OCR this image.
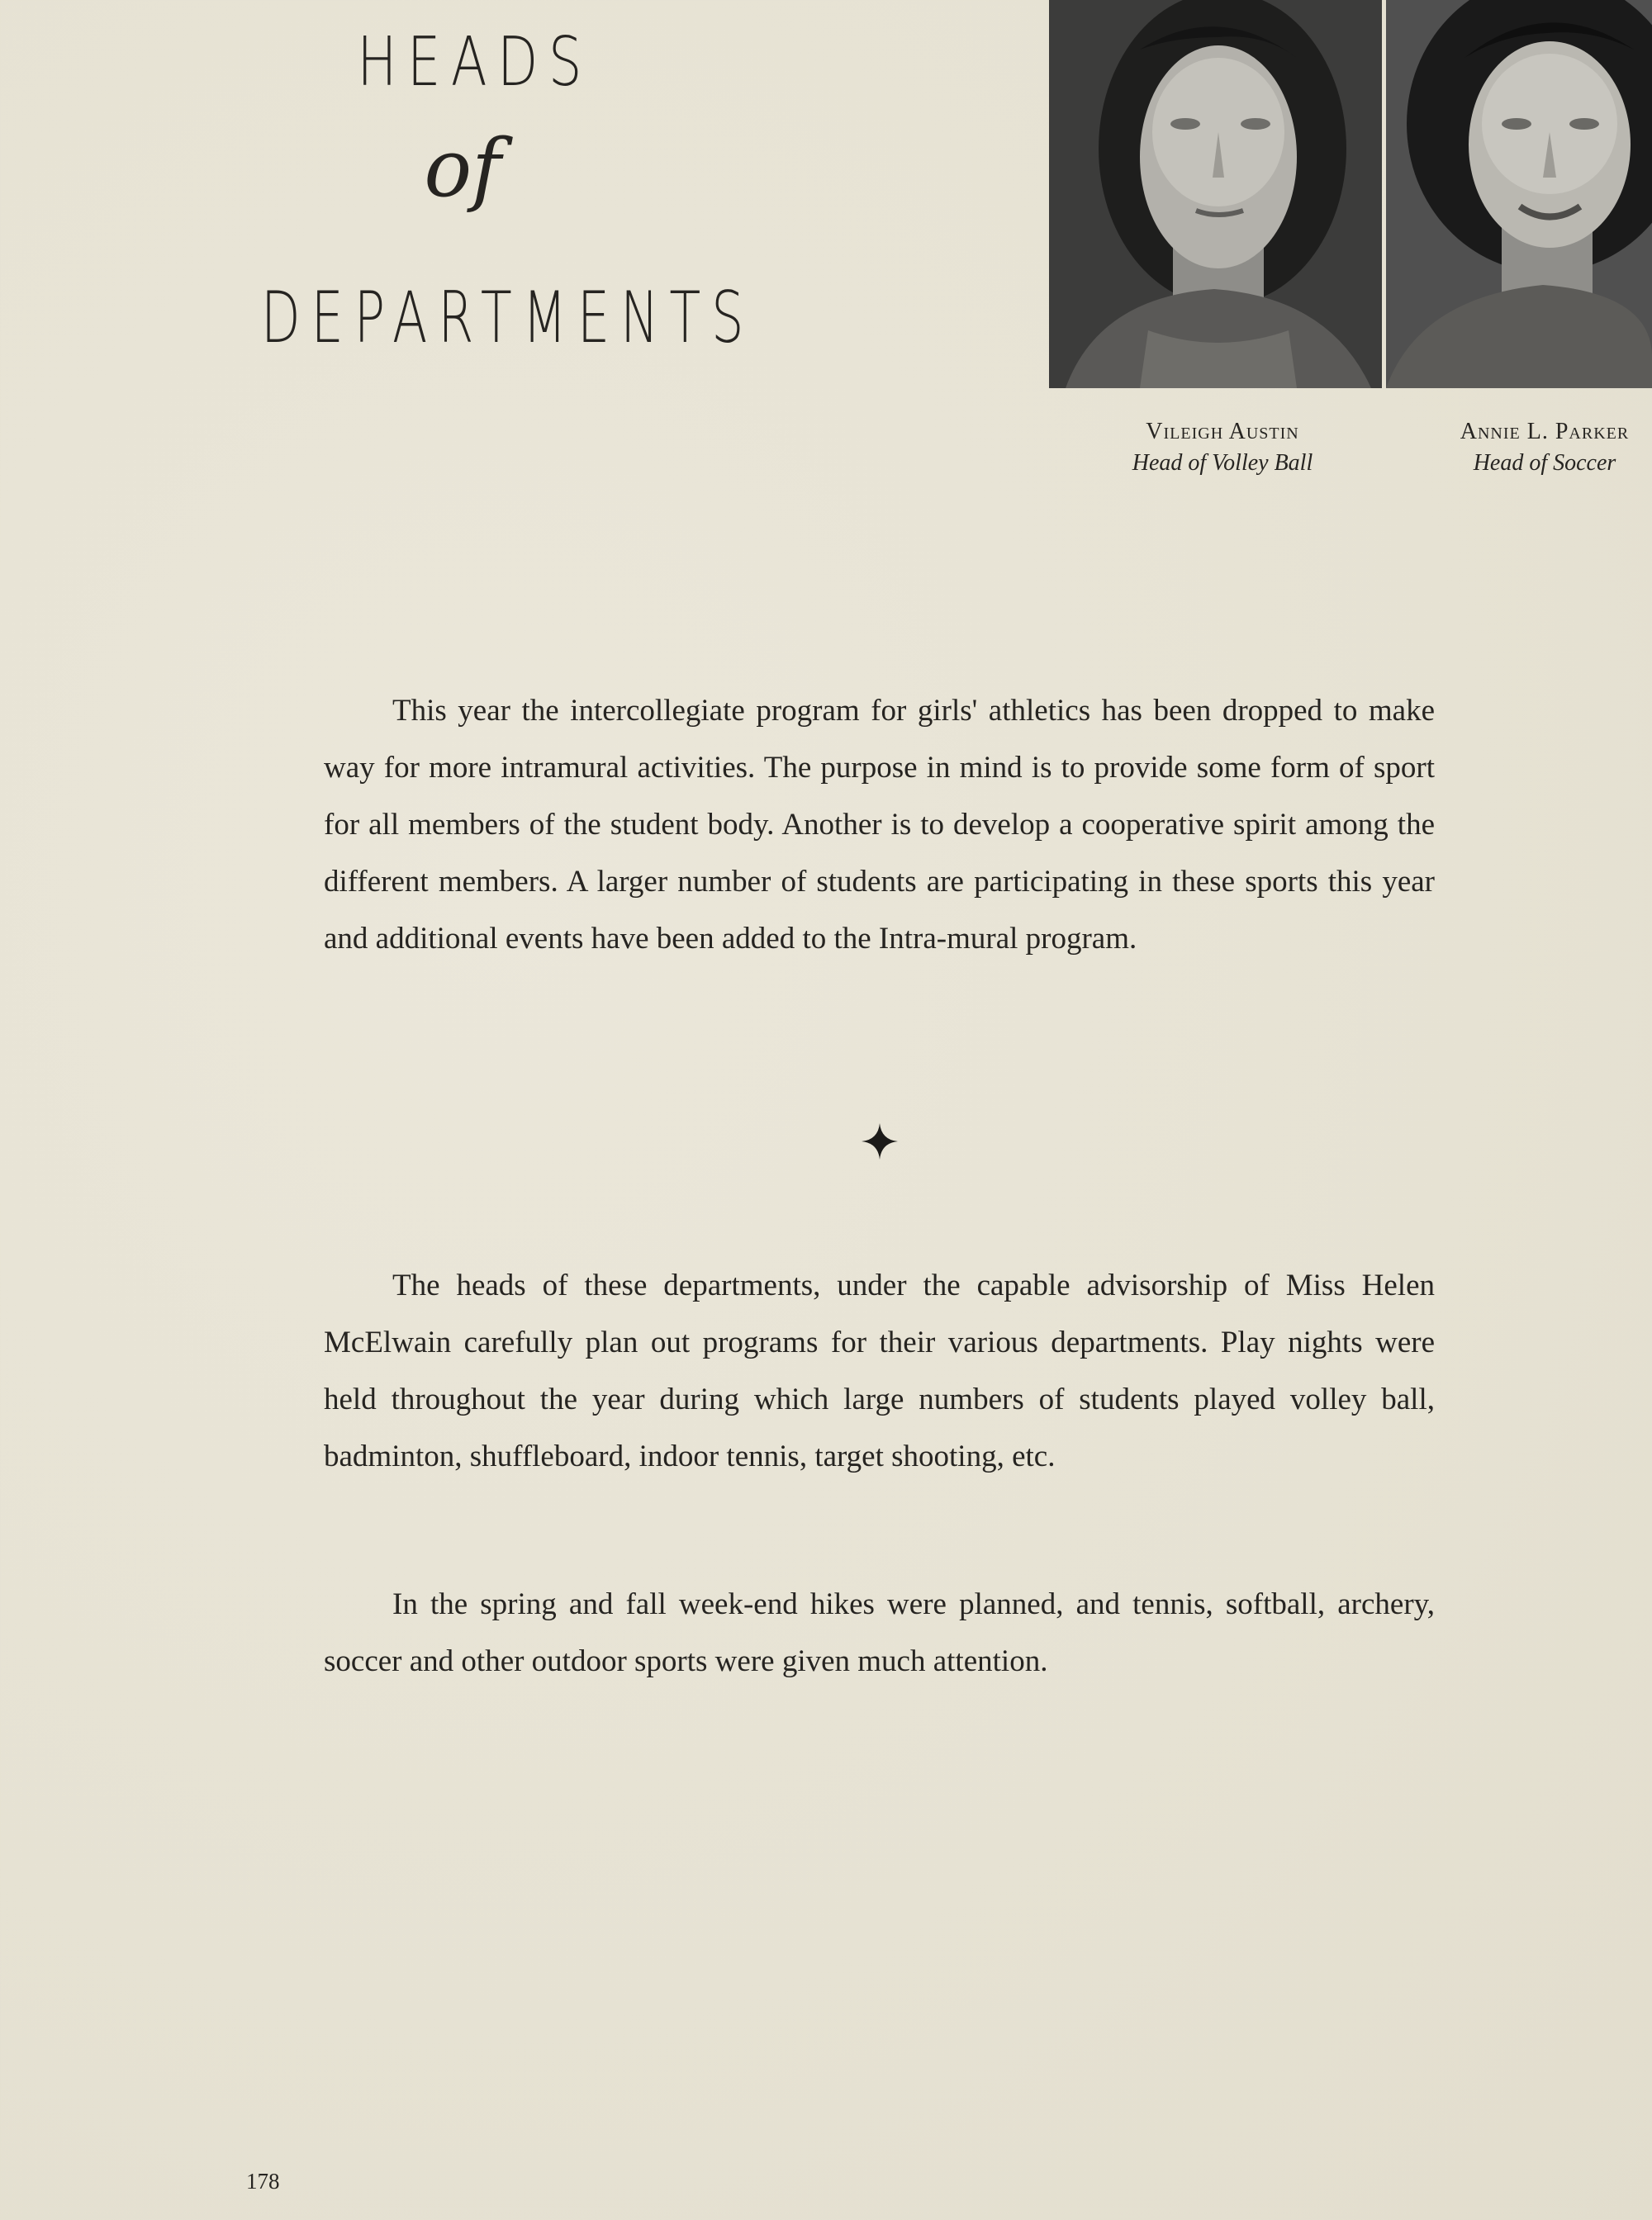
HEADS
of
DEPARTMENTS
Vileigh Austin
Head of Volley Ball
Annie L. Parker
Head of Soccer

This year the intercollegiate program for girls' athletics has been dropped to make way for more intramural activities. The purpose in mind is to provide some form of sport for all members of the student body. Another is to develop a cooperative spirit among the different members. A larger number of students are participating in these sports this year and additional events have been added to the Intra-mural program.

The heads of these departments, under the capable advisorship of Miss Helen McElwain carefully plan out programs for their various departments. Play nights were held throughout the year during which large numbers of students played volley ball, badminton, shuffleboard, indoor tennis, target shooting, etc.

In the spring and fall week-end hikes were planned, and tennis, softball, archery, soccer and other outdoor sports were given much attention.

178
